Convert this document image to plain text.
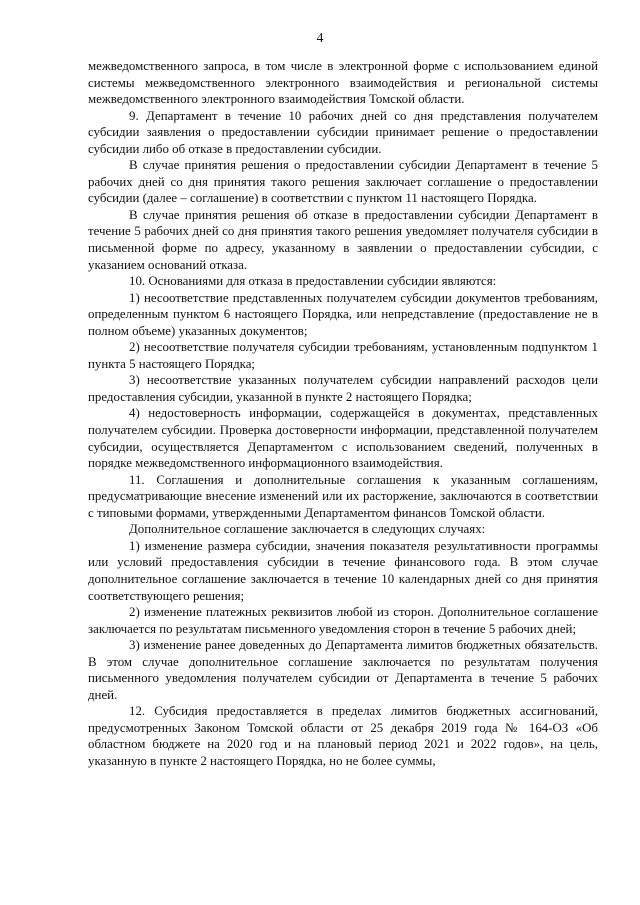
4

межведомственного запроса, в том числе в электронной форме с использованием единой системы межведомственного электронного взаимодействия и региональной системы межведомственного электронного взаимодействия Томской области.

9. Департамент в течение 10 рабочих дней со дня представления получателем субсидии заявления о предоставлении субсидии принимает решение о предоставлении субсидии либо об отказе в предоставлении субсидии.

В случае принятия решения о предоставлении субсидии Департамент в течение 5 рабочих дней со дня принятия такого решения заключает соглашение о предоставлении субсидии (далее – соглашение) в соответствии с пунктом 11 настоящего Порядка.

В случае принятия решения об отказе в предоставлении субсидии Департамент в течение 5 рабочих дней со дня принятия такого решения уведомляет получателя субсидии в письменной форме по адресу, указанному в заявлении о предоставлении субсидии, с указанием оснований отказа.

10. Основаниями для отказа в предоставлении субсидии являются:

1) несоответствие представленных получателем субсидии документов требованиям, определенным пунктом 6 настоящего Порядка, или непредставление (предоставление не в полном объеме) указанных документов;

2) несоответствие получателя субсидии требованиям, установленным подпунктом 1 пункта 5 настоящего Порядка;

3) несоответствие указанных получателем субсидии направлений расходов цели предоставления субсидии, указанной в пункте 2 настоящего Порядка;

4) недостоверность информации, содержащейся в документах, представленных получателем субсидии. Проверка достоверности информации, представленной получателем субсидии, осуществляется Департаментом с использованием сведений, полученных в порядке межведомственного информационного взаимодействия.

11. Соглашения и дополнительные соглашения к указанным соглашениям, предусматривающие внесение изменений или их расторжение, заключаются в соответствии с типовыми формами, утвержденными Департаментом финансов Томской области.

Дополнительное соглашение заключается в следующих случаях:

1) изменение размера субсидии, значения показателя результативности программы или условий предоставления субсидии в течение финансового года. В этом случае дополнительное соглашение заключается в течение 10 календарных дней со дня принятия соответствующего решения;

2) изменение платежных реквизитов любой из сторон. Дополнительное соглашение заключается по результатам письменного уведомления сторон в течение 5 рабочих дней;

3) изменение ранее доведенных до Департамента лимитов бюджетных обязательств. В этом случае дополнительное соглашение заключается по результатам получения письменного уведомления получателем субсидии от Департамента в течение 5 рабочих дней.

12. Субсидия предоставляется в пределах лимитов бюджетных ассигнований, предусмотренных Законом Томской области от 25 декабря 2019 года № 164-ОЗ «Об областном бюджете на 2020 год и на плановый период 2021 и 2022 годов», на цель, указанную в пункте 2 настоящего Порядка, но не более суммы,
